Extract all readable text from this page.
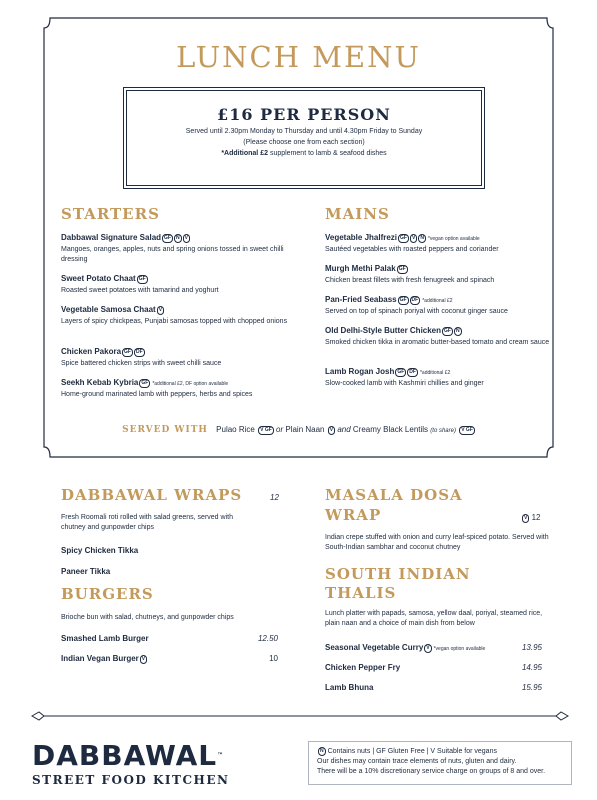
LUNCH MENU
£16 PER PERSON
Served until 2.30pm Monday to Thursday and until 4.30pm Friday to Sunday
(Please choose one from each section)
*Additional £2 supplement to lamb & seafood dishes
STARTERS
Dabbawal Signature Salad GF N V
Mangoes, oranges, apples, nuts and spring onions tossed in sweet chilli dressing
Sweet Potato Chaat GF
Roasted sweet potatoes with tamarind and yoghurt
Vegetable Samosa Chaat V
Layers of spicy chickpeas, Punjabi samosas topped with chopped onions
Chicken Pakora GF DF
Spice battered chicken strips with sweet chilli sauce
Seekh Kebab Kybria GF *additional £2, DF option available
Home-ground marinated lamb with peppers, herbs and spices
MAINS
Vegetable Jhalfrezi GF V N *vegan option available
Sautéed vegetables with roasted peppers and coriander
Murgh Methi Palak GF
Chicken breast fillets with fresh fenugreek and spinach
Pan-Fried Seabass GF DF *additional £2
Served on top of spinach poriyal with coconut ginger sauce
Old Delhi-Style Butter Chicken GF N
Smoked chicken tikka in aromatic butter-based tomato and cream sauce
Lamb Rogan Josh GF DF *additional £2
Slow-cooked lamb with Kashmiri chillies and ginger
SERVED WITH Pulao Rice V GF or Plain Naan V and Creamy Black Lentils (to share) V GF
DABBAWAL WRAPS	12
Fresh Roomali roti rolled with salad greens, served with chutney and gunpowder chips
Spicy Chicken Tikka
Paneer Tikka
BURGERS
Brioche bun with salad, chutneys, and gunpowder chips
Smashed Lamb Burger	12.50
Indian Vegan Burger V	10
MASALA DOSA
WRAP	V 12
Indian crepe stuffed with onion and curry leaf-spiced potato. Served with South-Indian sambhar and coconut chutney
SOUTH INDIAN
THALIS
Lunch platter with papads, samosa, yellow daal, poriyal, steamed rice, plain naan and a choice of main dish from below
Seasonal Vegetable Curry V *vegan option available	13.95
Chicken Pepper Fry	14.95
Lamb Bhuna	15.95
DABBAWAL™
STREET FOOD KITCHEN
N Contains nuts | GF Gluten Free | V Suitable for vegans
Our dishes may contain trace elements of nuts, gluten and dairy.
There will be a 10% discretionary service charge on groups of 8 and over.
